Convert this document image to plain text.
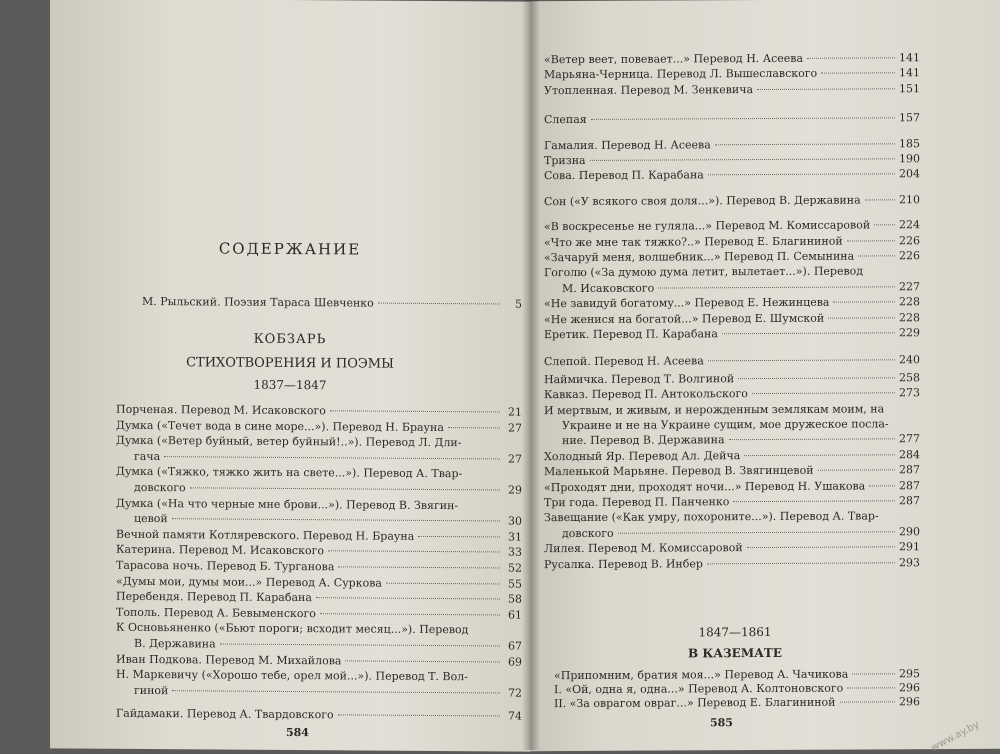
СОДЕРЖАНИЕ
М. Рыльский. Поэзия Тараса Шевченко	5
КОБЗАРЬ
СТИХОТВОРЕНИЯ И ПОЭМЫ
1837—1847
Порченая. Перевод М. Исаковского	21
Думка («Течет вода в сине море...»). Перевод Н. Брауна	27
Думка («Ветер буйный, ветер буйный!..»). Перевод Л. Дли-
гача	27
Думка («Тяжко, тяжко жить на свете...»). Перевод А. Твар-
довского	29
Думка («На что черные мне брови...»). Перевод В. Звягин-
цевой	30
Вечной памяти Котляревского. Перевод Н. Брауна	31
Катерина. Перевод М. Исаковского	33
Тарасова ночь. Перевод Б. Турганова	52
«Думы мои, думы мои...» Перевод А. Суркова	55
Перебендя. Перевод П. Карабана	58
Тополь. Перевод А. Бевыменского	61
К Основьяненко («Бьют пороги; всходит месяц...»). Перевод
В. Державина	67
Иван Подкова. Перевод М. Михайлова	69
Н. Маркевичу («Хорошо тебе, орел мой...»). Перевод Т. Вол-
гиной	72
Гайдамаки. Перевод А. Твардовского	74
584
«Ветер веет, повевает...» Перевод Н. Асеева	141
Марьяна-Черница. Перевод Л. Вышеславского	141
Утопленная. Перевод М. Зенкевича	151
Слепая	157
Гамалия. Перевод Н. Асеева	185
Тризна	190
Сова. Перевод П. Карабана	204
Сон («У всякого своя доля...»). Перевод В. Державина	210
«В воскресенье не гуляла...» Перевод М. Комиссаровой	224
«Что же мне так тяжко?..» Перевод Е. Благининой	226
«Зачаруй меня, волшебник...» Перевод П. Семынина	226
Гоголю («За думою дума летит, вылетает...»). Перевод
М. Исаковского	227
«Не завидуй богатому...» Перевод Е. Нежинцева	228
«Не женися на богатой...» Перевод Е. Шумской	228
Еретик. Перевод П. Карабана	229
Слепой. Перевод Н. Асеева	240
Наймичка. Перевод Т. Волгиной	258
Кавказ. Перевод П. Антокольского	273
И мертвым, и живым, и нерожденным землякам моим, на
Украине и не на Украине сущим, мое дружеское посла-
ние. Перевод В. Державина	277
Холодный Яр. Перевод Ал. Дейча	284
Маленькой Марьяне. Перевод В. Звягинцевой	287
«Проходят дни, проходят ночи...» Перевод Н. Ушакова	287
Три года. Перевод П. Панченко	287
Завещание («Как умру, похороните...»). Перевод А. Твар-
довского	290
Лилея. Перевод М. Комиссаровой	291
Русалка. Перевод В. Инбер	293
1847—1861
В КАЗЕМАТЕ
«Припомним, братия моя...» Перевод А. Чачикова	295
I. «Ой, одна я, одна...» Перевод А. Колтоновского	296
II. «За оврагом овраг...» Перевод Е. Благининой	296
585	www.ay.by
